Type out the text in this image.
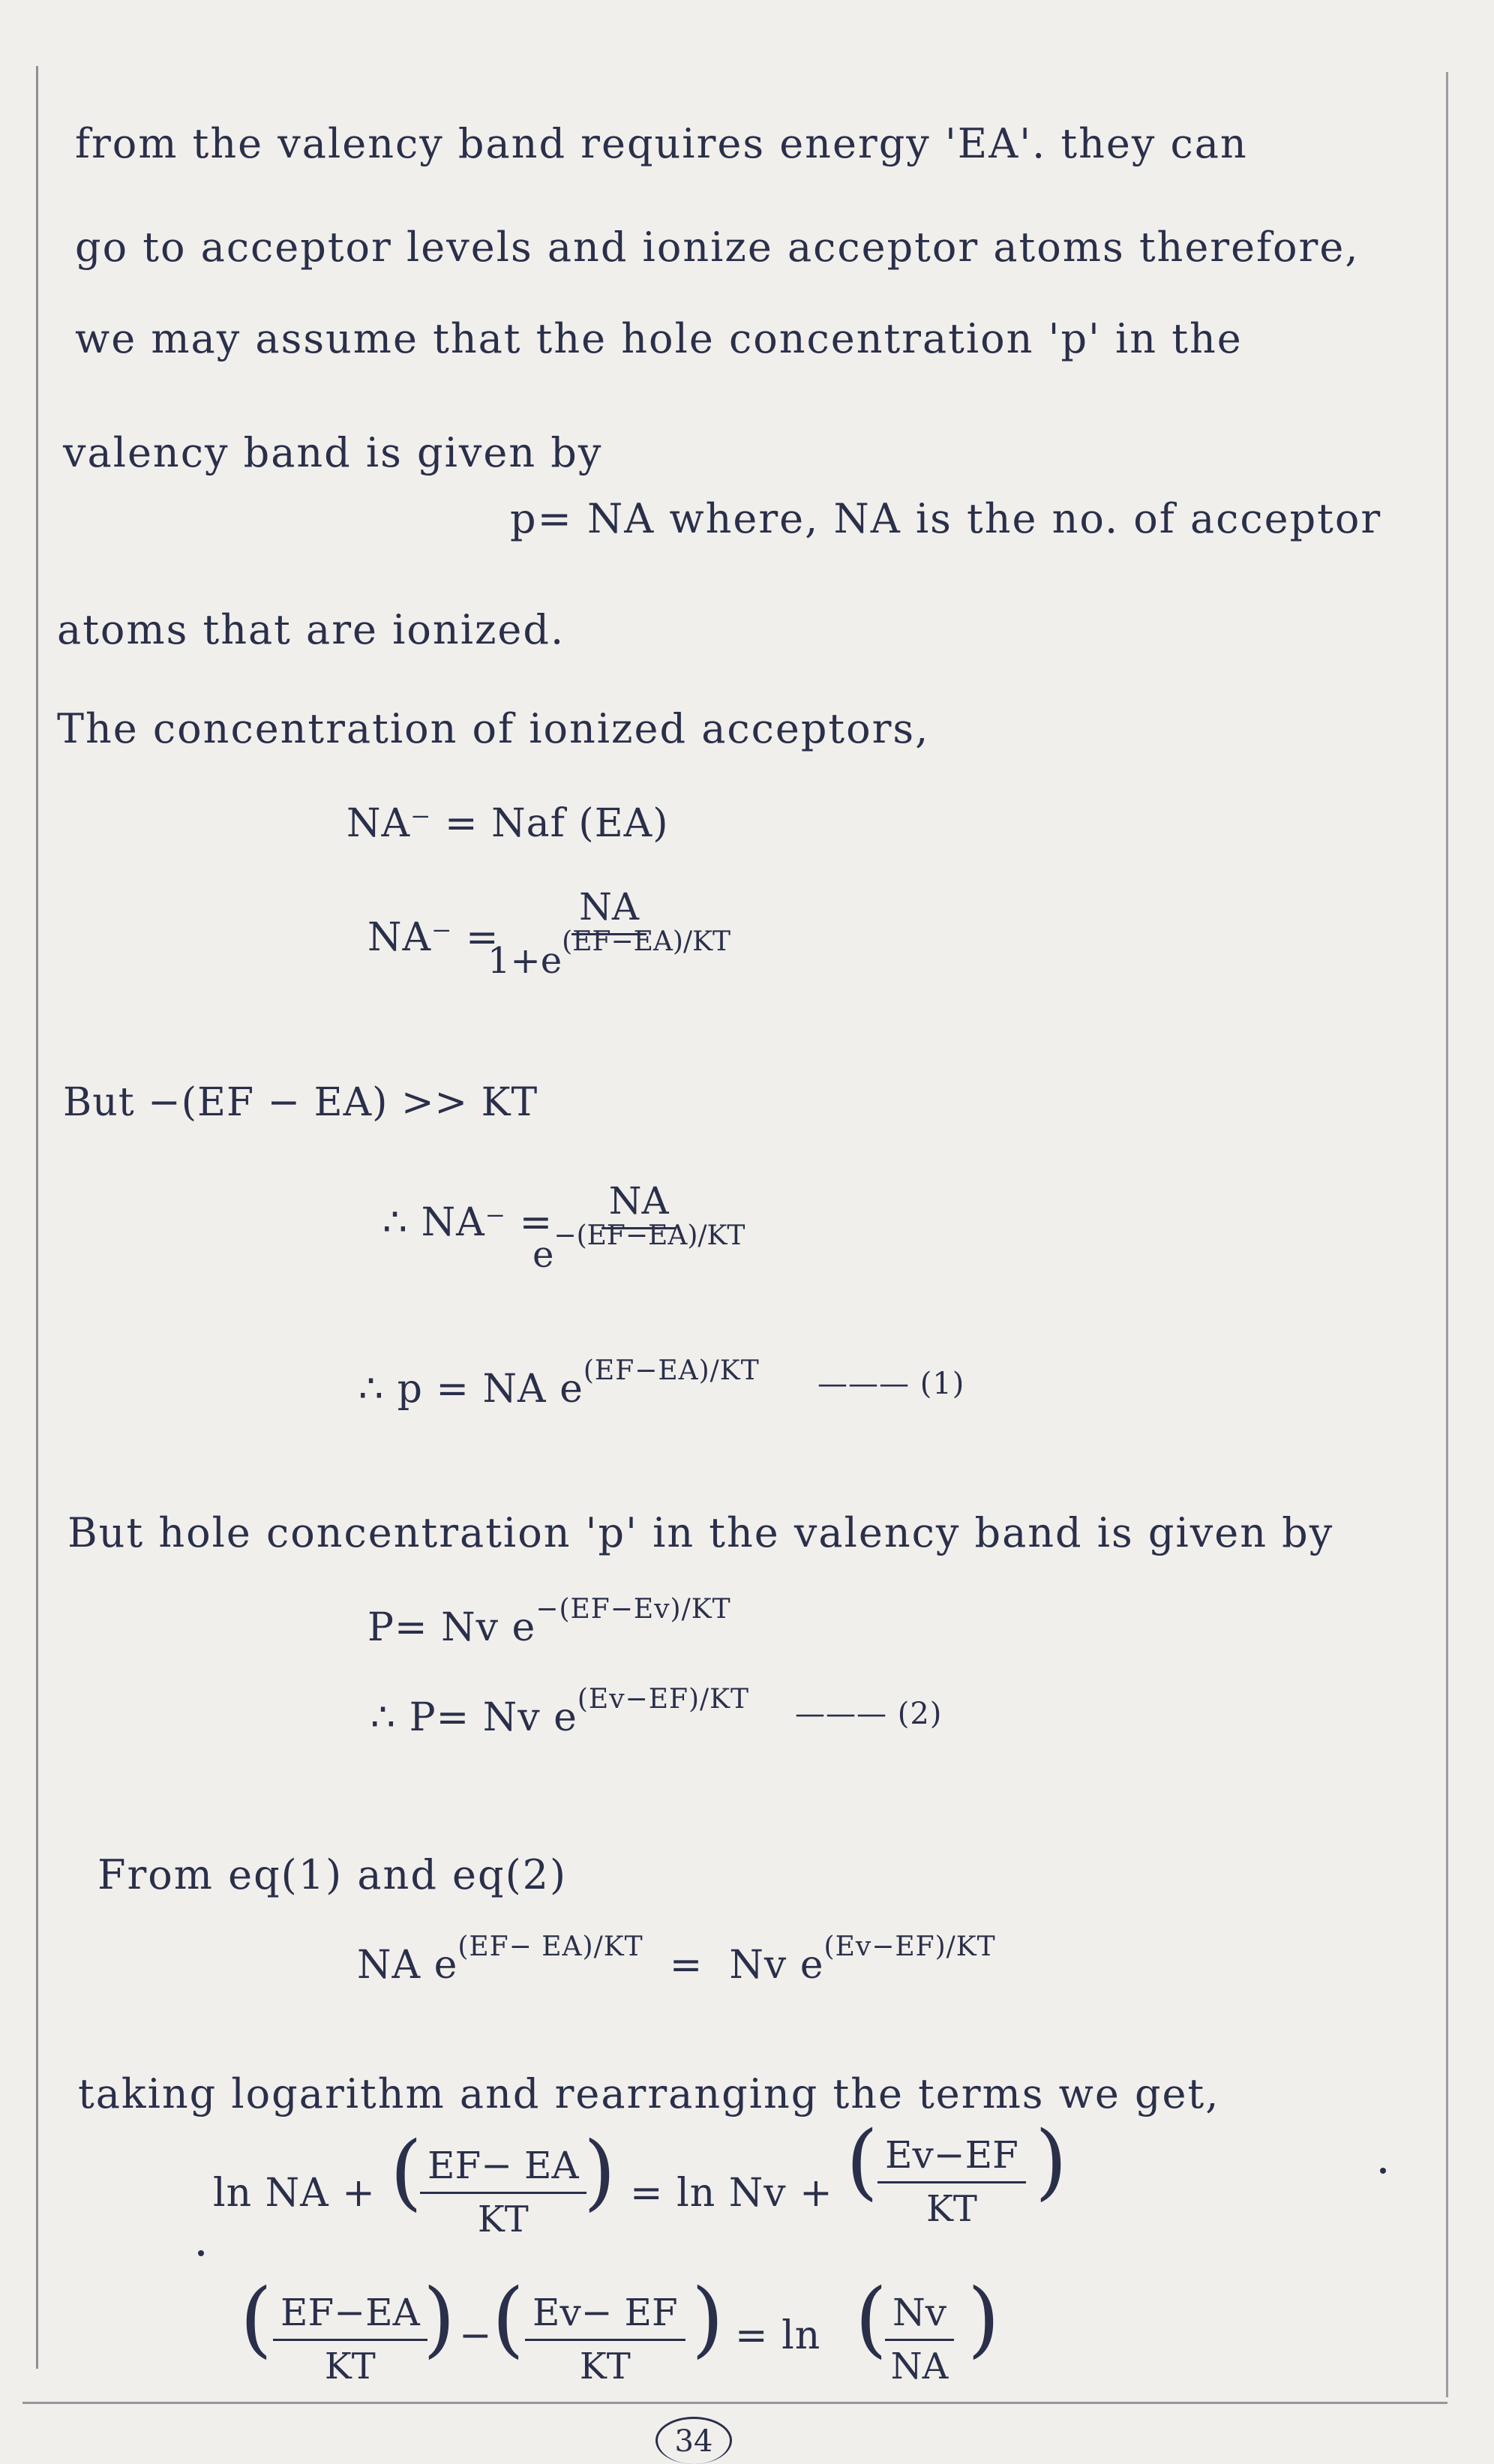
from the valency band requires energy 'EA'. they can
go to acceptor levels and ionize acceptor atoms therefore,
we may assume that the hole concentration 'p' in the
valency band is given by
p= NA where, NA is the no. of acceptor
atoms that are ionized.
The concentration of ionized acceptors,
NA⁻ = Naf (EA)
NA⁻ =
$\frac{NA}{1+e^{(EF-EA)/KT}}$
But −(EF − EA) >> KT
∴ NA⁻ =
$\frac{NA}{e^{-(EF-EA)/KT}}$
∴ p = NA $e^{(EF-EA)/KT}$ ——— (1)
But hole concentration 'p' in the valency band is given by
P= Nv $e^{-(EF-Ev)/KT}$
∴ P= Nv $e^{(Ev-EF)/KT}$ ——— (2)
From eq(1) and eq(2)
NA $e^{(EF- EA)/KT} = Nv$ $e^{(Ev-EF)/KT}$
taking logarithm and rearranging the terms we get,
ln NA + (
$\frac{EF- EA}{KT}$
) = ln Nv + ( $\frac{Ev-EF}{KT}$ )
( $\frac{EF-EA}{KT}$
) − ( $\frac{Ev- EF}{KT}$ ) = ln (
$\frac{Nv}{NA}$ )
34
